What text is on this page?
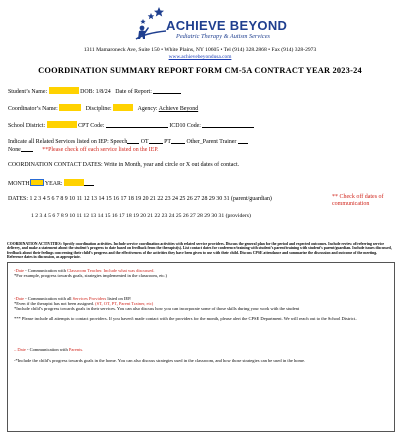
ACHIEVE BEYOND
Pediatric Therapy & Autism Services
1311 Mamaroneck Ave, Suite 150 • White Plains, NY 10605 • Tel (914) 328.2868 • Fax (914) 328-2973
www.achievebeyondusa.com
COORDINATION SUMMARY REPORT FORM CM-5A CONTRACT YEAR 2023-24
Student’s Name:	DOB: 1/8/24 Date of Report:
Coordinator’s Name:	Discipline:	Agency: Achieve Beyond
School District:	CPT Code:	ICD10 Code:
Indicate all Related Services listed on IEP: Speech OT	PT	Other_Parent Trainer
None	**Please check off each service listed on the IEP.
COORDINATION CONTACT DATES: Write in Month, year and circle or X out dates of contact.
MONTH	YEAR:
DATES: 1 2 3 4 5 6 7 8 9 10 11 12 13 14 15 16 17 18 19 20 21 22 23 24 25 26 27 28 29 30 31 (parent/guardian)	** Check off dates of communication
1 2 3 4 5 6 7 8 9 10 11 12 13 14 15 16 17 18 19 20 21 22 23 24 25 26 27 28 29 30 31 (providers)
COORDINATION ACTIVITIES: Specify coordination activities. Include service coordination activities with related service providers. Discuss the general plan for the period and expected outcomes. Include review of/referring service delivery, and make a statement about the student’s progress to date based on feedback from the therapist(s). List contact dates for conference/training with student’s parent/training with student’s parent/guardian. Include issues discussed, feedback about their feelings concerning their child’s progress and the effectiveness of the activities they have been given to use with their child. Discuss CPSE attendance and summarize the discussion and outcome of the meeting. Reference dates in discussion, as appropriate.
-Date - Communication with Classroom Teacher. Include what was discussed.
*For example, progress towards goals, strategies implemented in the classroom, etc.)
-Date - Communication with all Services Providers listed on IEP.
*Even if the therapist has not been assigned. (ST, OT, PT, Parent Trainer, etc)
*Include child’s progress towards goals in their services. You can also discuss how you can incorporate some of those skills during your work with the student
*** Please include all attempts to contact providers. If you haven't made contact with the providers for the month, please alert the CPSE Department. We will reach out to the School District..
– Date - Communication with Parents.
-*Include the child’s progress towards goals in the home. You can also discuss strategies used in the classroom, and how those strategies can be used in the home.
